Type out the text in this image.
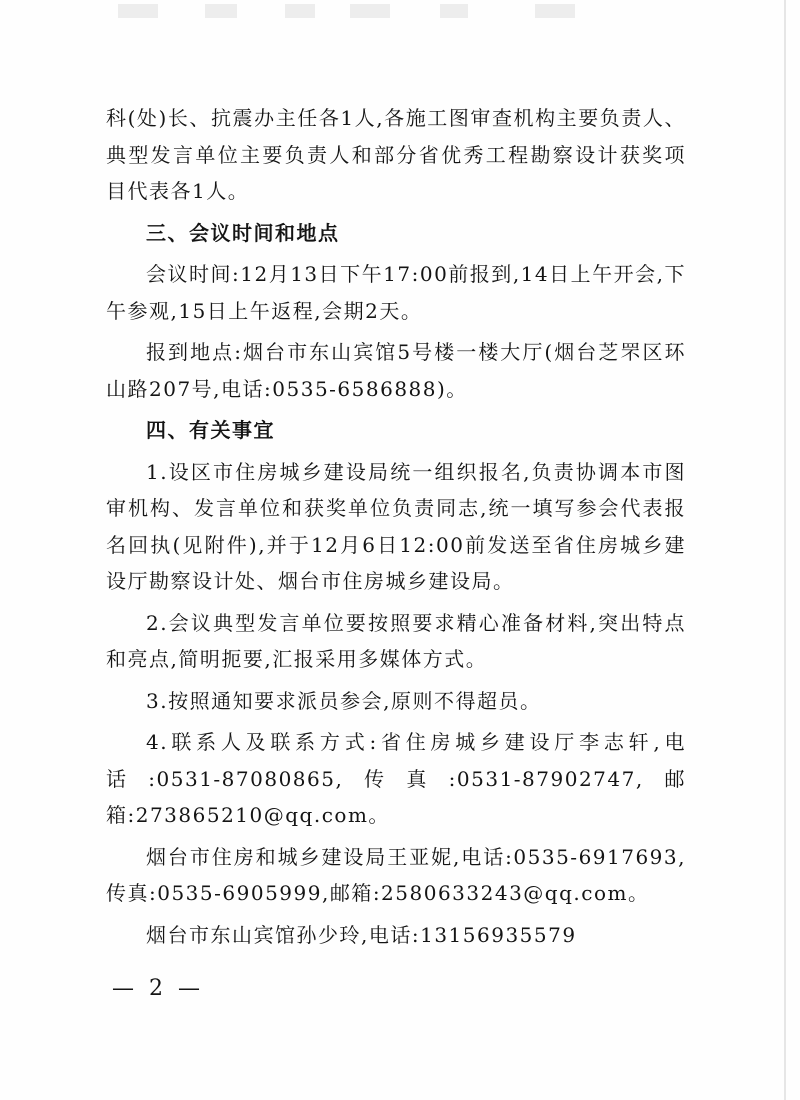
科(处)长、抗震办主任各1人,各施工图审查机构主要负责人、典型发言单位主要负责人和部分省优秀工程勘察设计获奖项目代表各1人。

三、会议时间和地点

会议时间:12月13日下午17:00前报到,14日上午开会,下午参观,15日上午返程,会期2天。

报到地点:烟台市东山宾馆5号楼一楼大厅(烟台芝罘区环山路207号,电话:0535-6586888)。

四、有关事宜

1.设区市住房城乡建设局统一组织报名,负责协调本市图审机构、发言单位和获奖单位负责同志,统一填写参会代表报名回执(见附件),并于12月6日12:00前发送至省住房城乡建设厅勘察设计处、烟台市住房城乡建设局。

2.会议典型发言单位要按照要求精心准备材料,突出特点和亮点,简明扼要,汇报采用多媒体方式。

3.按照通知要求派员参会,原则不得超员。

4.联系人及联系方式:省住房城乡建设厅李志轩,电话:0531-87080865,传真:0531-87902747,邮箱:273865210@qq.com。

烟台市住房和城乡建设局王亚妮,电话:0535-6917693,传真:0535-6905999,邮箱:2580633243@qq.com。

烟台市东山宾馆孙少玲,电话:13156935579

— 2 —
